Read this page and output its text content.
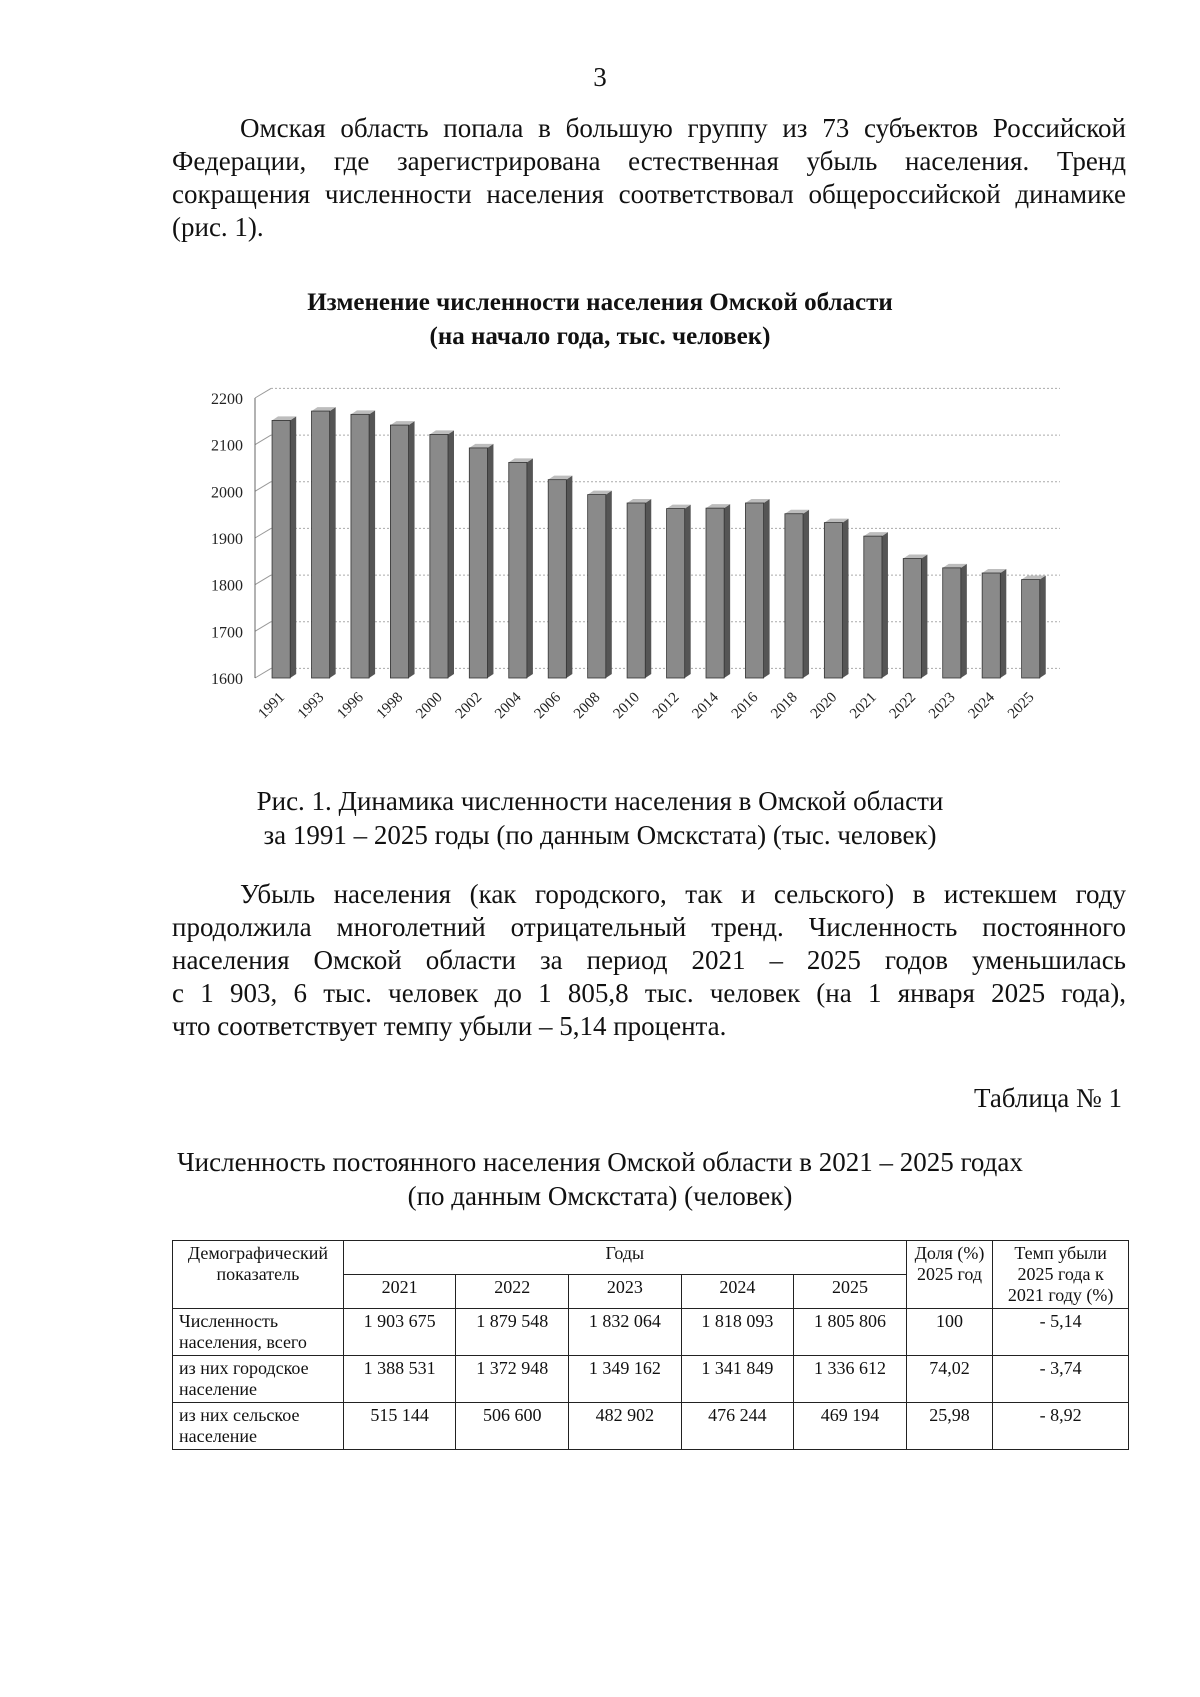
3
Омская область попала в большую группу из 73 субъектов Российской
Федерации, где зарегистрирована естественная убыль населения. Тренд
сокращения численности населения соответствовал общероссийской динамике
(рис. 1).
Изменение численности населения Омской области
(на начало года, тыс. человек)
2200
2100
2000
1900
1800
1700
1600
1991 1993 1996 1998 2000 2002 2004 2006 2008 2010 2012 2014 2016 2018 2020 2021 2022 2023 2024 2025
Рис. 1. Динамика численности населения в Омской области
за 1991 – 2025 годы (по данным Омскстата) (тыс. человек)
Убыль населения (как городского, так и сельского) в истекшем году
продолжила многолетний отрицательный тренд. Численность постоянного
населения Омской области за период 2021 – 2025 годов уменьшилась
с 1 903, 6 тыс. человек до 1 805,8 тыс. человек (на 1 января 2025 года),
что соответствует темпу убыли – 5,14 процента.
Таблица № 1
Численность постоянного населения Омской области в 2021 – 2025 годах
(по данным Омскстата) (человек)
Демографический показатель	Годы					Доля (%) 2025 год	Темп убыли 2025 года к 2021 году (%)
	2021	2022	2023	2024	2025		
Численность населения, всего	1 903 675	1 879 548	1 832 064	1 818 093	1 805 806	100	- 5,14
из них городское население	1 388 531	1 372 948	1 349 162	1 341 849	1 336 612	74,02	- 3,74
из них сельское население	515 144	506 600	482 902	476 244	469 194	25,98	- 8,92
